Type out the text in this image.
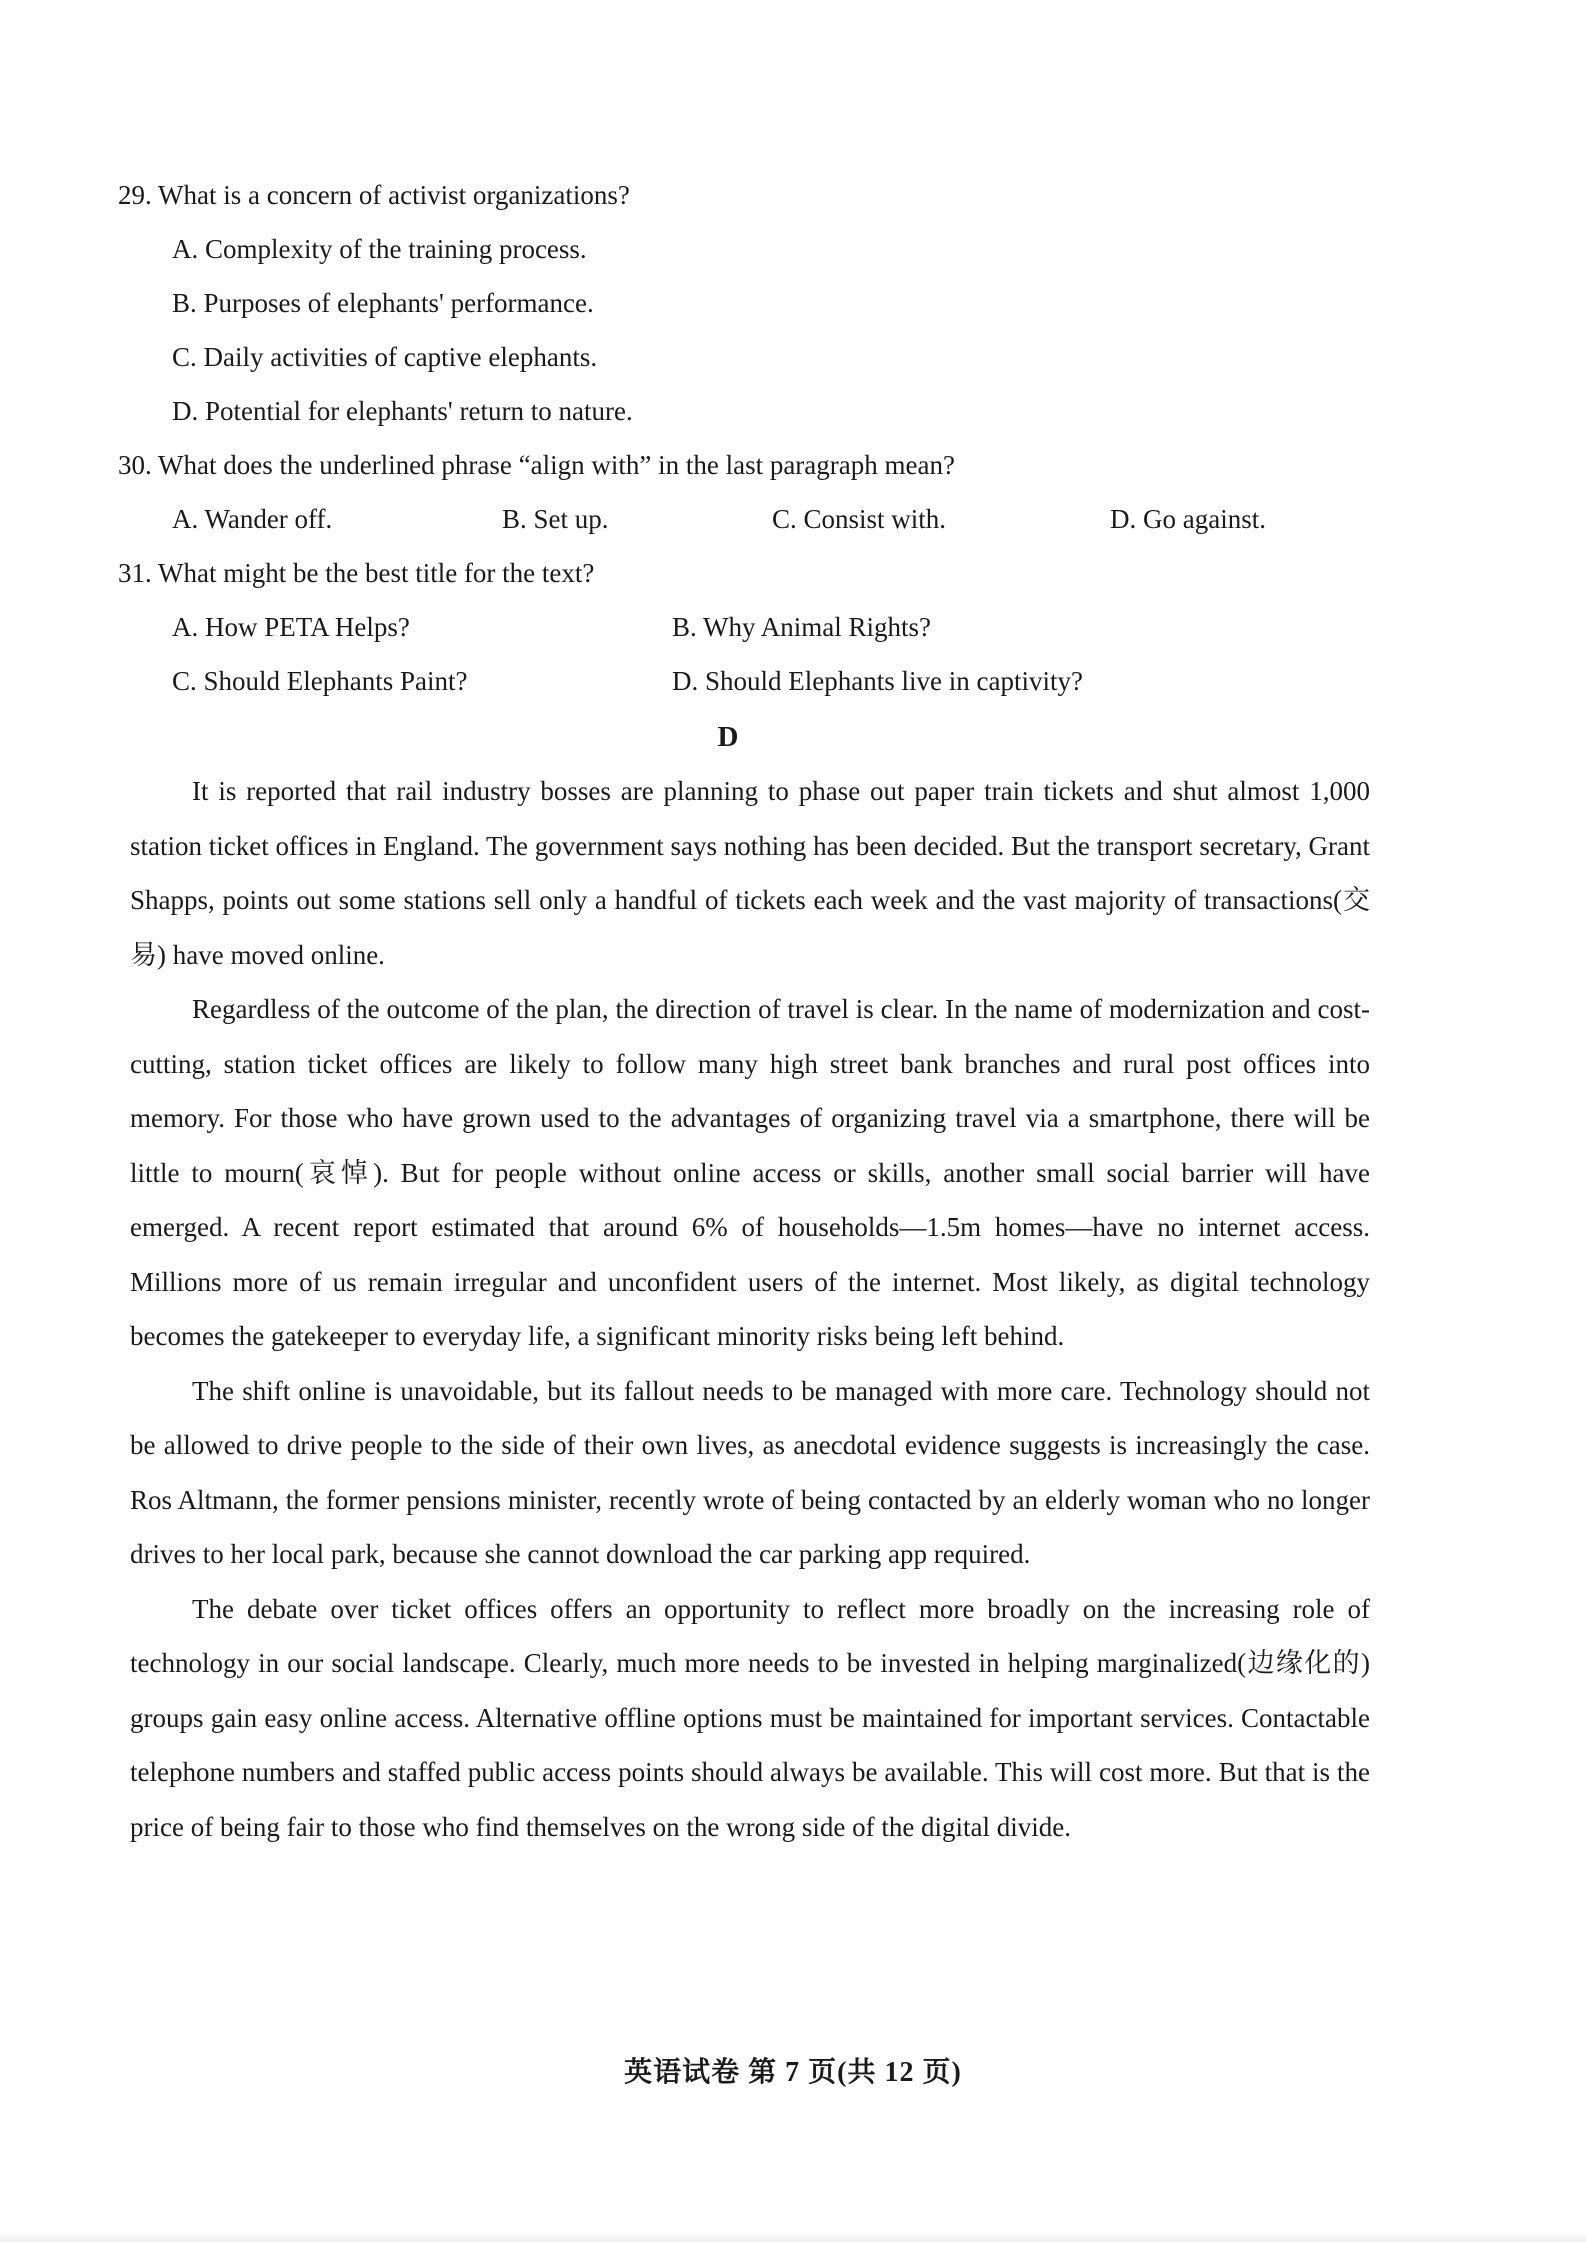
29. What is a concern of activist organizations?

A. Complexity of the training process.

B. Purposes of elephants' performance.

C. Daily activities of captive elephants.

D. Potential for elephants' return to nature.

30. What does the underlined phrase “align with” in the last paragraph mean?

A. Wander off.	B. Set up.	C. Consist with.	D. Go against.

31. What might be the best title for the text?

A. How PETA Helps?	B. Why Animal Rights?
C. Should Elephants Paint?	D. Should Elephants live in captivity?
D

It is reported that rail industry bosses are planning to phase out paper train tickets and shut almost 1,000 station ticket offices in England. The government says nothing has been decided. But the transport secretary, Grant Shapps, points out some stations sell only a handful of tickets each week and the vast majority of transactions(交易) have moved online.

Regardless of the outcome of the plan, the direction of travel is clear. In the name of modernization and cost-cutting, station ticket offices are likely to follow many high street bank branches and rural post offices into memory. For those who have grown used to the advantages of organizing travel via a smartphone, there will be little to mourn(哀悼). But for people without online access or skills, another small social barrier will have emerged. A recent report estimated that around 6% of households—1.5m homes—have no internet access. Millions more of us remain irregular and unconfident users of the internet. Most likely, as digital technology becomes the gatekeeper to everyday life, a significant minority risks being left behind.

The shift online is unavoidable, but its fallout needs to be managed with more care. Technology should not be allowed to drive people to the side of their own lives, as anecdotal evidence suggests is increasingly the case. Ros Altmann, the former pensions minister, recently wrote of being contacted by an elderly woman who no longer drives to her local park, because she cannot download the car parking app required.

The debate over ticket offices offers an opportunity to reflect more broadly on the increasing role of technology in our social landscape. Clearly, much more needs to be invested in helping marginalized(边缘化的) groups gain easy online access. Alternative offline options must be maintained for important services. Contactable telephone numbers and staffed public access points should always be available. This will cost more. But that is the price of being fair to those who find themselves on the wrong side of the digital divide.

英语试卷 第 7 页(共 12 页)
